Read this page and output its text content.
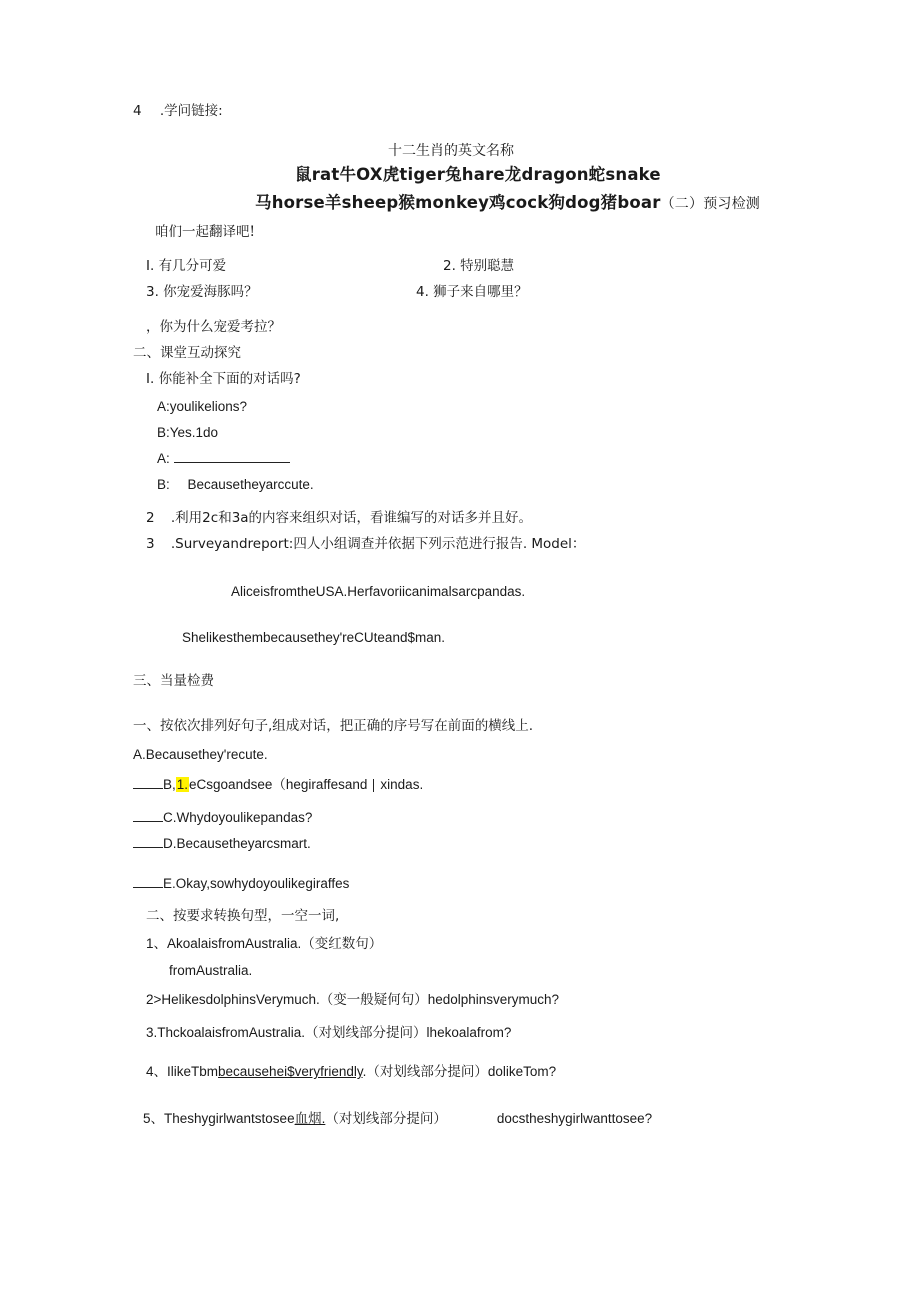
4 .学问链接:
十二生肖的英文名称
鼠rat牛OX虎tiger兔hare龙dragon蛇snake
马horse羊sheep猴monkey鸡cock狗dog猪boar（二）预习检测
咱们一起翻译吧!
I. 有几分可爱	2. 特别聪慧
3. 你宠爱海豚吗？	4. 狮子来自哪里？
，你为什么宠爱考拉？
二、课堂互动探究
I. 你能补全下面的对话吗?
A:youlikelions?
B:Yes.1do
A:
B: Becausetheyarccute.
2 .利用2c和3a的内容来组织对话，看谁编写的对话多并且好。
3 .Surveyandreport:四人小组调查并依据下列示范进行报告. Model：
AliceisfromtheUSA.Herfavoriicanimalsarcpandas.
Shelikesthembecausethey'reCUteand$man.
三、当量检费
一、按依次排列好句子,组成对话，把正确的序号写在前面的横线上.
A.Becausethey'recute.
B,1.eCsgoandsee（hegiraffesand xindas.
C.Whydoyoulikepandas?
D.Becausetheyarcsmart.
E.Okay,sowhydoyoulikegiraffes
二、按要求转换句型，一空一词,
1、AkoalaisfromAustralia.（变红数句）
fromAustralia.
2>HelikesdolphinsVerymuch.（变一般疑何句）hedolphinsverymuch?
3.ThckoalaisfromAustralia.（对划线部分提问）lhekoalafrom?
4、IlikeTbmbecausehei$veryfriendly.（对划线部分提问）dolikeTom?
5、Theshygirlwantstosee血烟.（对划线部分提问）	docstheshygirlwanttosee?
